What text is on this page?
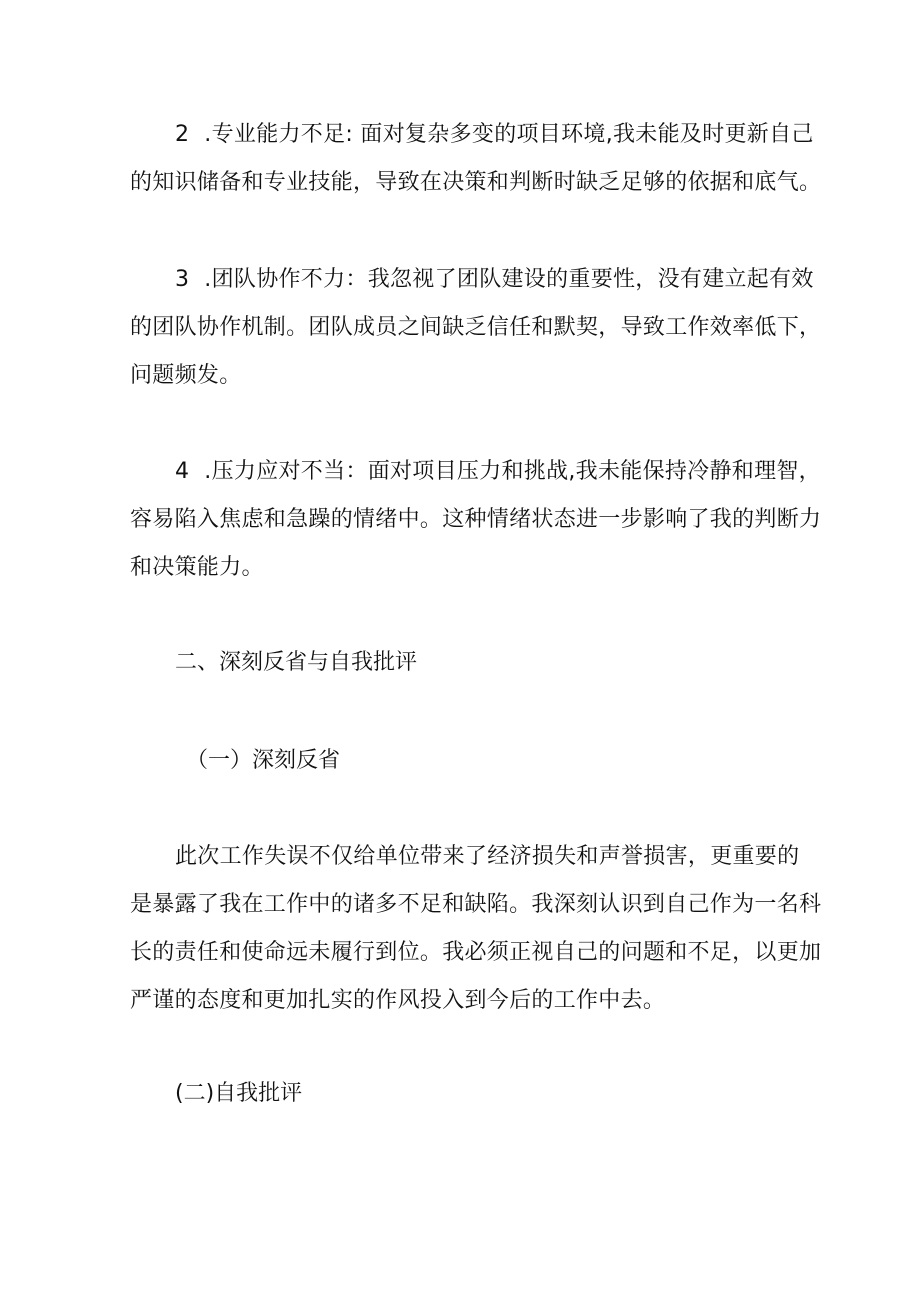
2 .专业能力不足: 面对复杂多变的项目环境,我未能及时更新自己
的知识储备和专业技能，导致在决策和判断时缺乏足够的依据和底气。
3 .团队协作不力：我忽视了团队建设的重要性，没有建立起有效
的团队协作机制。团队成员之间缺乏信任和默契，导致工作效率低下，
问题频发。
4 .压力应对不当：面对项目压力和挑战,我未能保持冷静和理智，
容易陷入焦虑和急躁的情绪中。这种情绪状态进一步影响了我的判断力
和决策能力。
二、深刻反省与自我批评
（一）深刻反省
此次工作失误不仅给单位带来了经济损失和声誉损害，更重要的
是暴露了我在工作中的诸多不足和缺陷。我深刻认识到自己作为一名科
长的责任和使命远未履行到位。我必须正视自己的问题和不足，以更加
严谨的态度和更加扎实的作风投入到今后的工作中去。
(二)自我批评
